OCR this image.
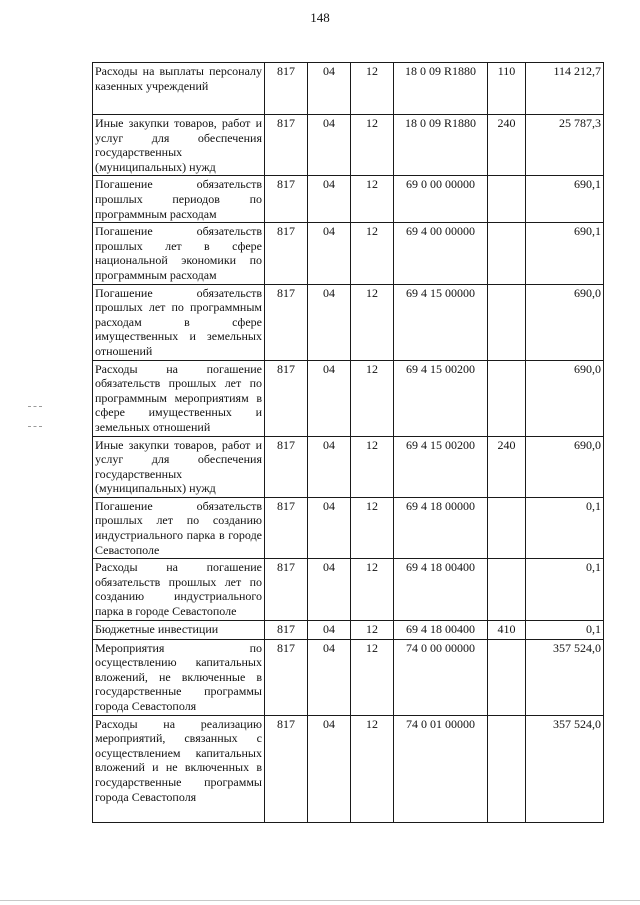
148
Расходы на выплаты персоналу казенных учреждений	817	04	12	18 0 09 R1880	110	114 212,7
Иные закупки товаров, работ и услуг для обеспечения государственных (муниципальных) нужд	817	04	12	18 0 09 R1880	240	25 787,3
Погашение обязательств прошлых периодов по программным расходам	817	04	12	69 0 00 00000		690,1
Погашение обязательств прошлых лет в сфере национальной экономики по программным расходам	817	04	12	69 4 00 00000		690,1
Погашение обязательств прошлых лет по программным расходам в сфере имущественных и земельных отношений	817	04	12	69 4 15 00000		690,0
Расходы на погашение обязательств прошлых лет по программным мероприятиям в сфере имущественных и земельных отношений	817	04	12	69 4 15 00200		690,0
Иные закупки товаров, работ и услуг для обеспечения государственных (муниципальных) нужд	817	04	12	69 4 15 00200	240	690,0
Погашение обязательств прошлых лет по созданию индустриального парка в городе Севастополе	817	04	12	69 4 18 00000		0,1
Расходы на погашение обязательств прошлых лет по созданию индустриального парка в городе Севастополе	817	04	12	69 4 18 00400		0,1
Бюджетные инвестиции	817	04	12	69 4 18 00400	410	0,1
Мероприятия по осуществлению капитальных вложений, не включенные в государственные программы города Севастополя	817	04	12	74 0 00 00000		357 524,0
Расходы на реализацию мероприятий, связанных с осуществлением капитальных вложений и не включенных в государственные программы города Севастополя	817	04	12	74 0 01 00000		357 524,0
